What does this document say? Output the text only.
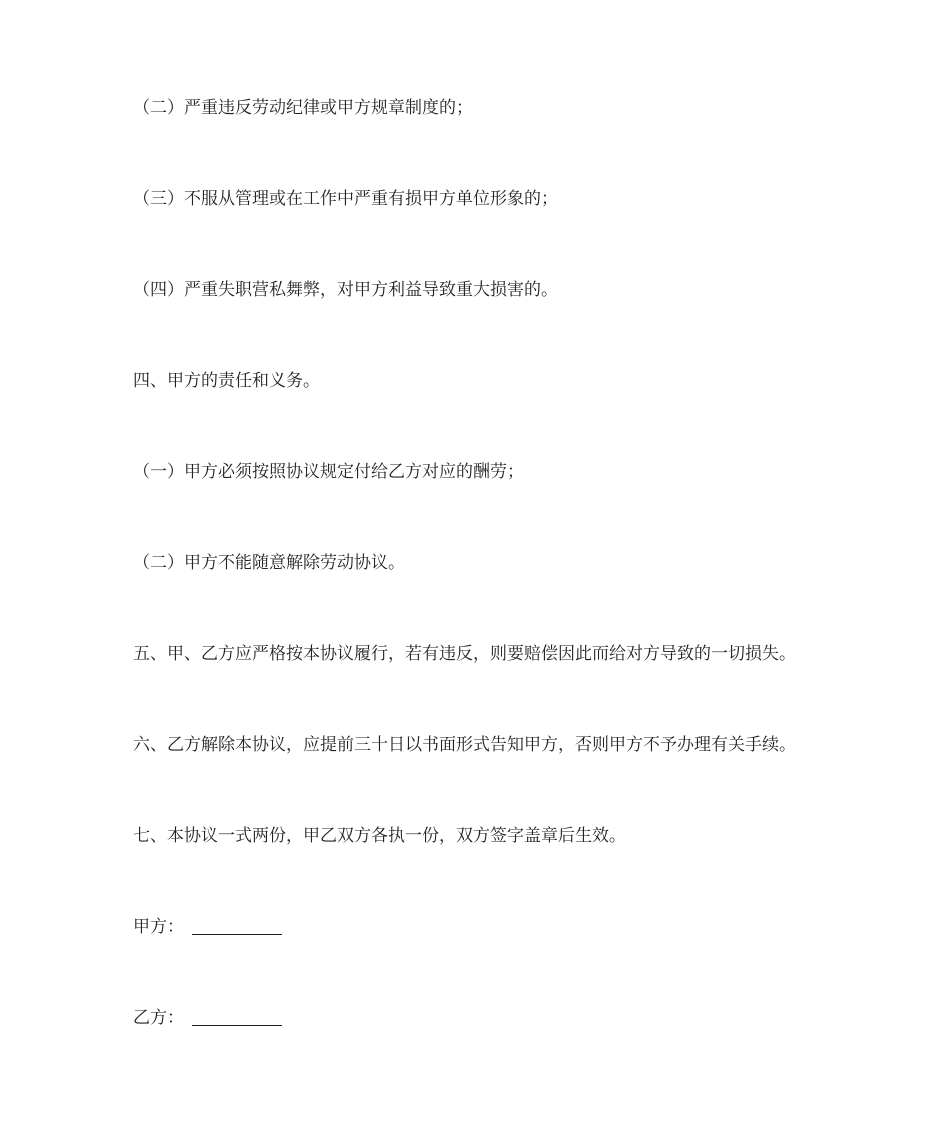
（二）严重违反劳动纪律或甲方规章制度的；
（三）不服从管理或在工作中严重有损甲方单位形象的；
（四）严重失职营私舞弊，对甲方利益导致重大损害的。
四、甲方的责任和义务。
（一）甲方必须按照协议规定付给乙方对应的酬劳；
（二）甲方不能随意解除劳动协议。
五、甲、乙方应严格按本协议履行，若有违反，则要赔偿因此而给对方导致的一切损失。
六、乙方解除本协议，应提前三十日以书面形式告知甲方，否则甲方不予办理有关手续。
七、本协议一式两份，甲乙双方各执一份，双方签字盖章后生效。
甲方：
乙方：
